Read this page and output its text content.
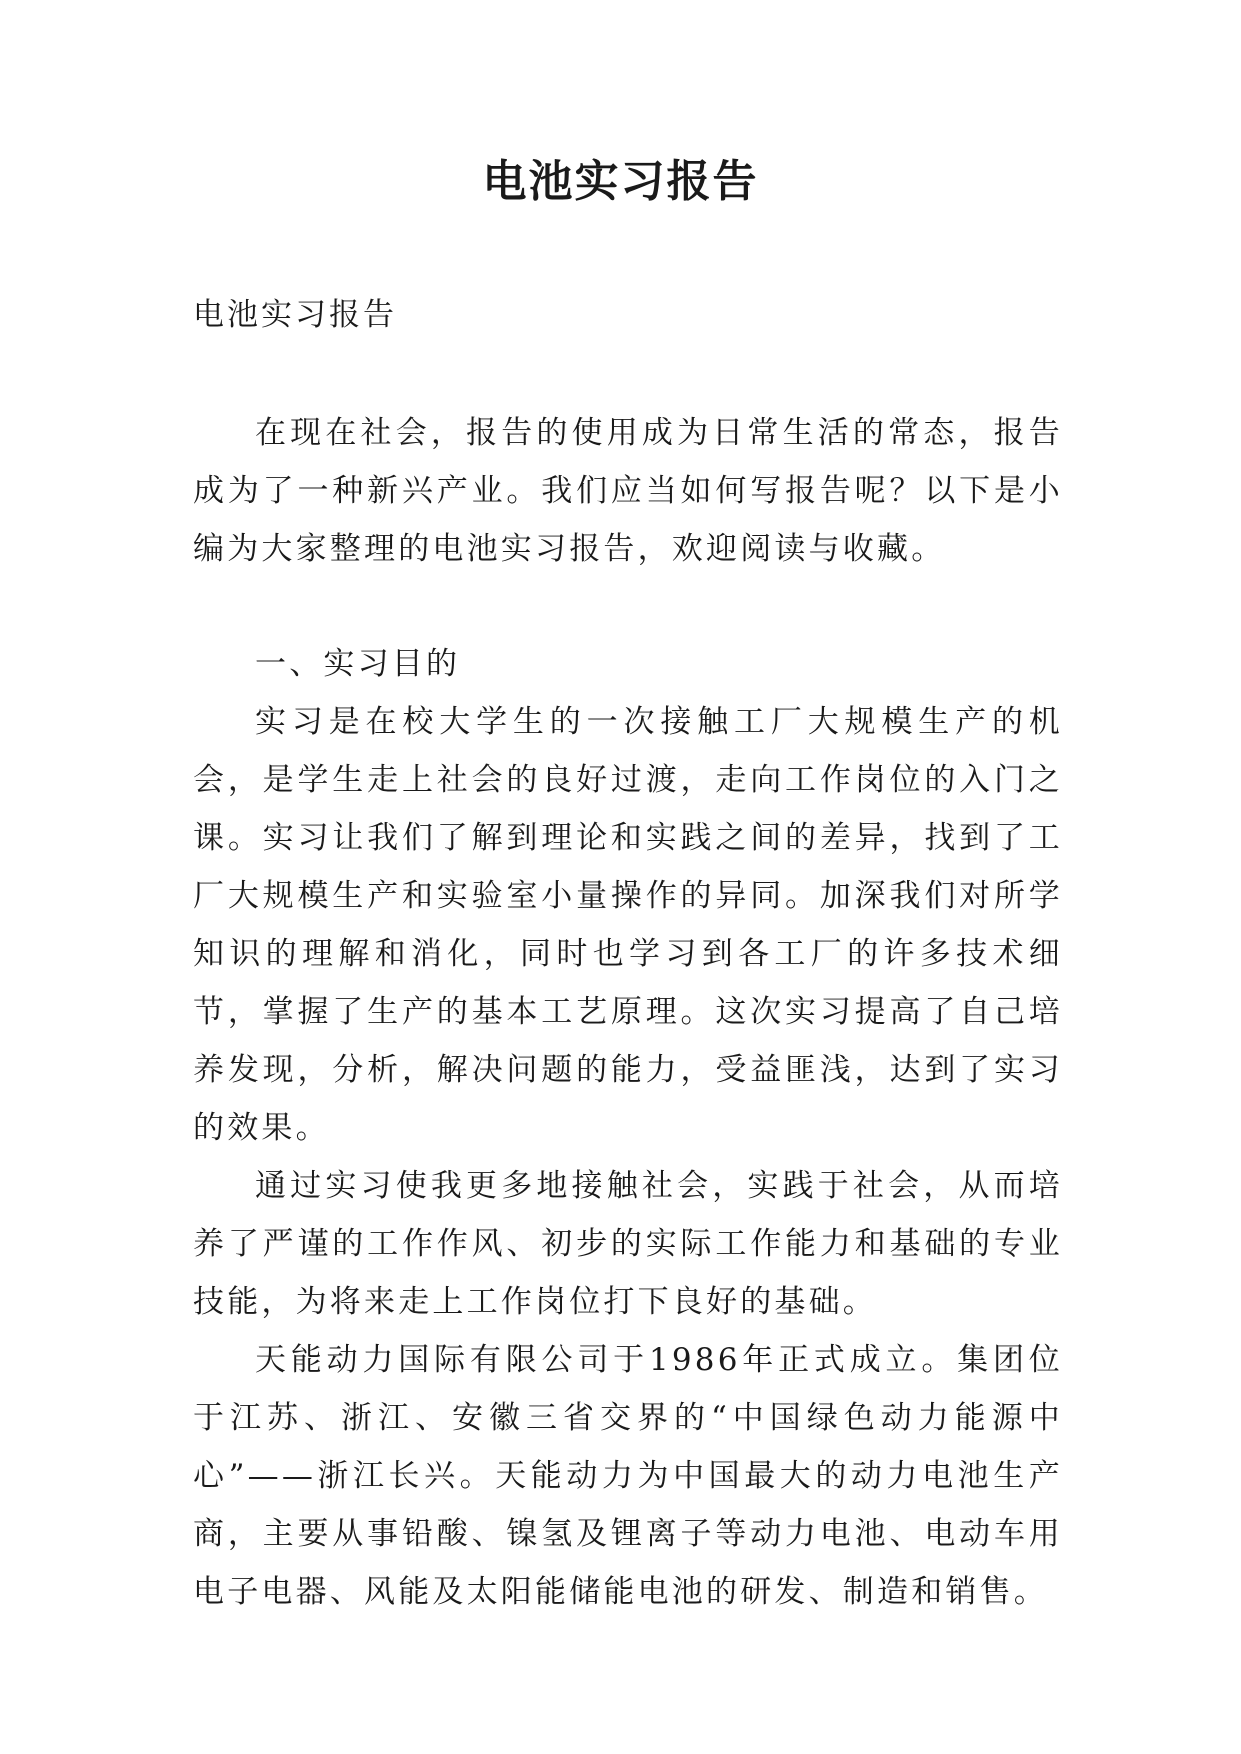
电池实习报告
电池实习报告

在现在社会，报告的使用成为日常生活的常态，报告成为了一种新兴产业。我们应当如何写报告呢？以下是小编为大家整理的电池实习报告，欢迎阅读与收藏。

一、实习目的

实习是在校大学生的一次接触工厂大规模生产的机会，是学生走上社会的良好过渡，走向工作岗位的入门之课。实习让我们了解到理论和实践之间的差异，找到了工厂大规模生产和实验室小量操作的异同。加深我们对所学知识的理解和消化，同时也学习到各工厂的许多技术细节，掌握了生产的基本工艺原理。这次实习提高了自己培养发现，分析，解决问题的能力，受益匪浅，达到了实习的效果。

通过实习使我更多地接触社会，实践于社会，从而培养了严谨的工作作风、初步的实际工作能力和基础的专业技能，为将来走上工作岗位打下良好的基础。

天能动力国际有限公司于1986年正式成立。集团位于江苏、浙江、安徽三省交界的“中国绿色动力能源中心”——浙江长兴。天能动力为中国最大的动力电池生产商，主要从事铅酸、镍氢及锂离子等动力电池、电动车用电子电器、风能及太阳能储能电池的研发、制造和销售。
